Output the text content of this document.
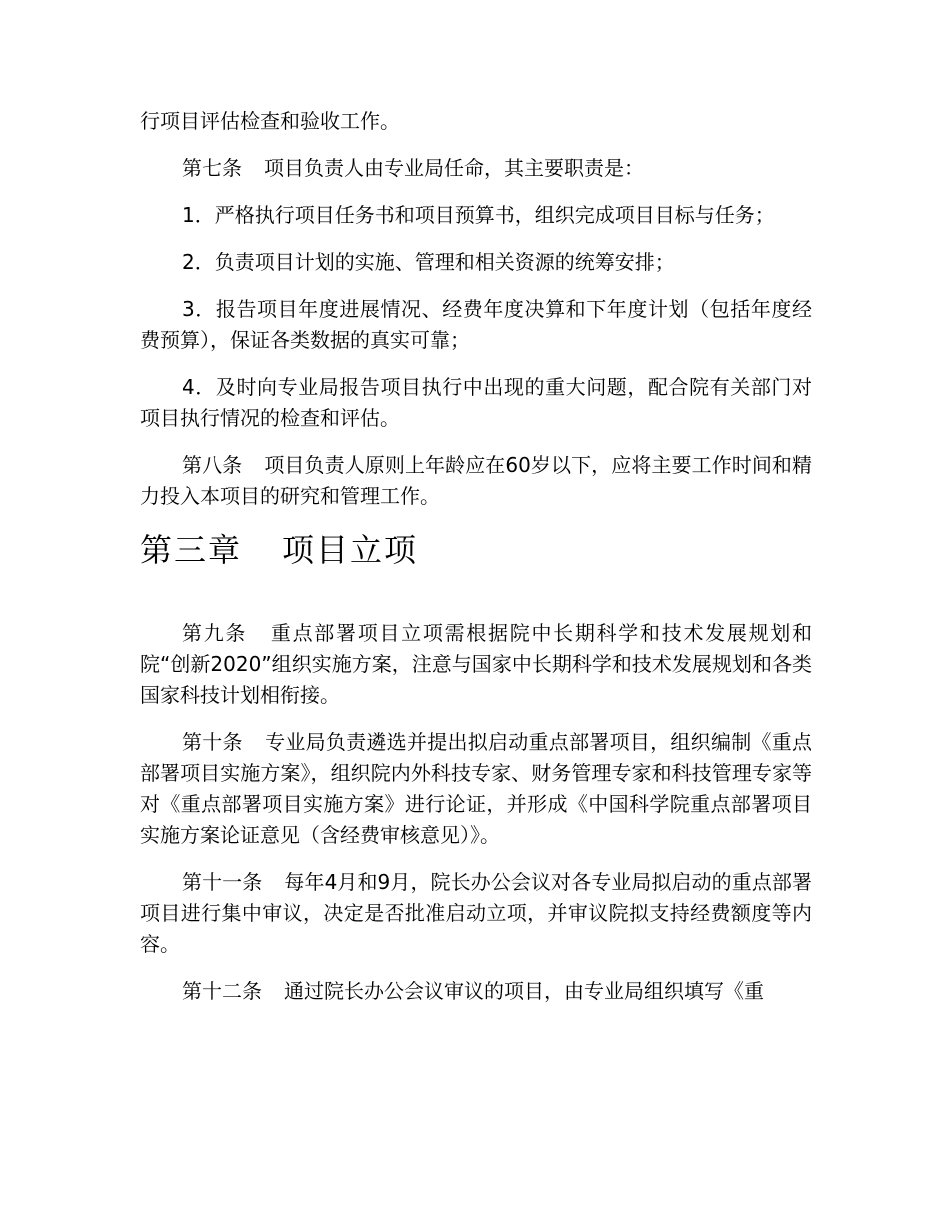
行项目评估检查和验收工作。

第七条 项目负责人由专业局任命，其主要职责是：

1．严格执行项目任务书和项目预算书，组织完成项目目标与任务；

2．负责项目计划的实施、管理和相关资源的统筹安排；

3．报告项目年度进展情况、经费年度决算和下年度计划（包括年度经费预算），保证各类数据的真实可靠；

4．及时向专业局报告项目执行中出现的重大问题，配合院有关部门对项目执行情况的检查和评估。

第八条 项目负责人原则上年龄应在60岁以下，应将主要工作时间和精力投入本项目的研究和管理工作。

第三章 项目立项

第九条 重点部署项目立项需根据院中长期科学和技术发展规划和院“创新2020”组织实施方案，注意与国家中长期科学和技术发展规划和各类国家科技计划相衔接。

第十条 专业局负责遴选并提出拟启动重点部署项目，组织编制《重点部署项目实施方案》，组织院内外科技专家、财务管理专家和科技管理专家等对《重点部署项目实施方案》进行论证，并形成《中国科学院重点部署项目实施方案论证意见（含经费审核意见）》。

第十一条 每年4月和9月，院长办公会议对各专业局拟启动的重点部署项目进行集中审议，决定是否批准启动立项，并审议院拟支持经费额度等内容。

第十二条 通过院长办公会议审议的项目，由专业局组织填写《重
